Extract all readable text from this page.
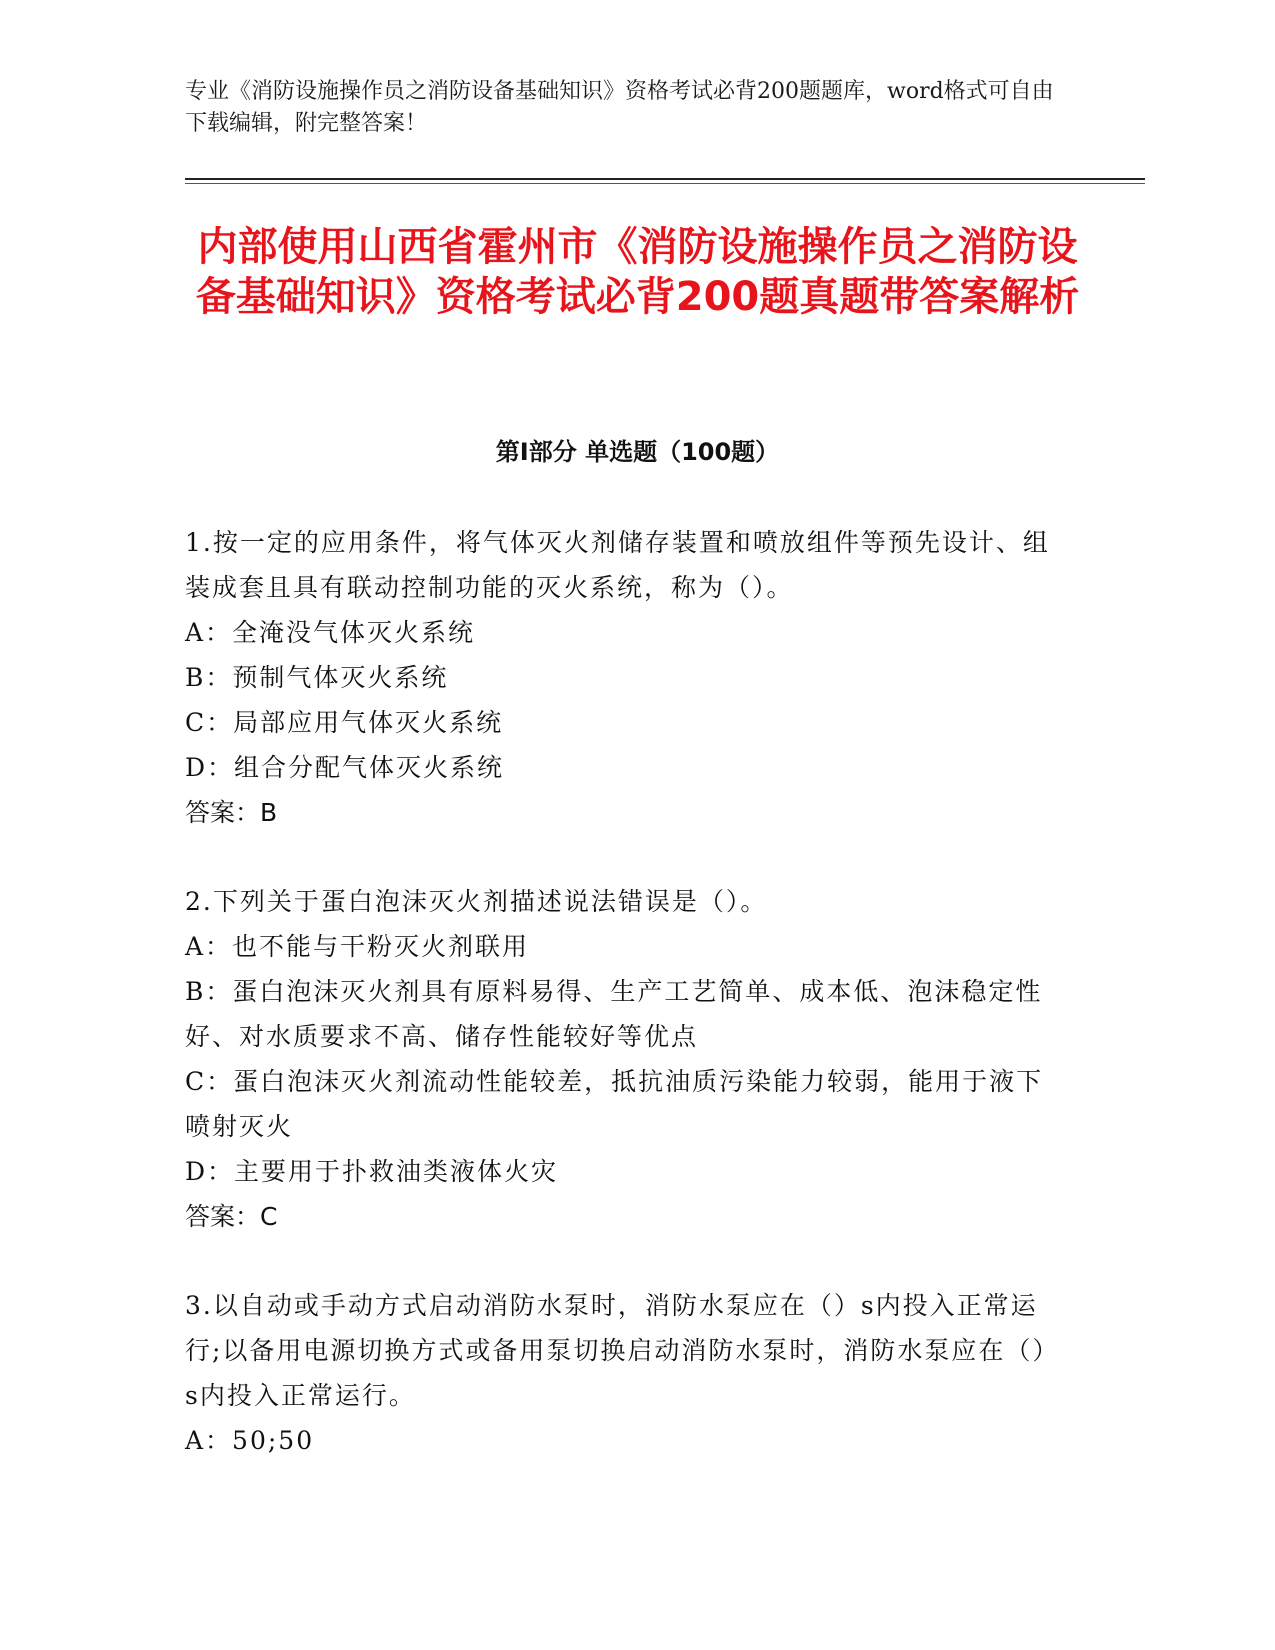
专业《消防设施操作员之消防设备基础知识》资格考试必背200题题库，word格式可自由下载编辑，附完整答案！
内部使用山西省霍州市《消防设施操作员之消防设备基础知识》资格考试必背200题真题带答案解析
第Ⅰ部分 单选题（100题）
1.按一定的应用条件，将气体灭火剂储存装置和喷放组件等预先设计、组装成套且具有联动控制功能的灭火系统，称为（）。
A：全淹没气体灭火系统
B：预制气体灭火系统
C：局部应用气体灭火系统
D：组合分配气体灭火系统
答案：B
2.下列关于蛋白泡沫灭火剂描述说法错误是（）。
A：也不能与干粉灭火剂联用
B：蛋白泡沫灭火剂具有原料易得、生产工艺简单、成本低、泡沫稳定性好、对水质要求不高、储存性能较好等优点
C：蛋白泡沫灭火剂流动性能较差，抵抗油质污染能力较弱，能用于液下喷射灭火
D：主要用于扑救油类液体火灾
答案：C
3.以自动或手动方式启动消防水泵时，消防水泵应在（）s内投入正常运行;以备用电源切换方式或备用泵切换启动消防水泵时，消防水泵应在（）s内投入正常运行。
A：50;50
